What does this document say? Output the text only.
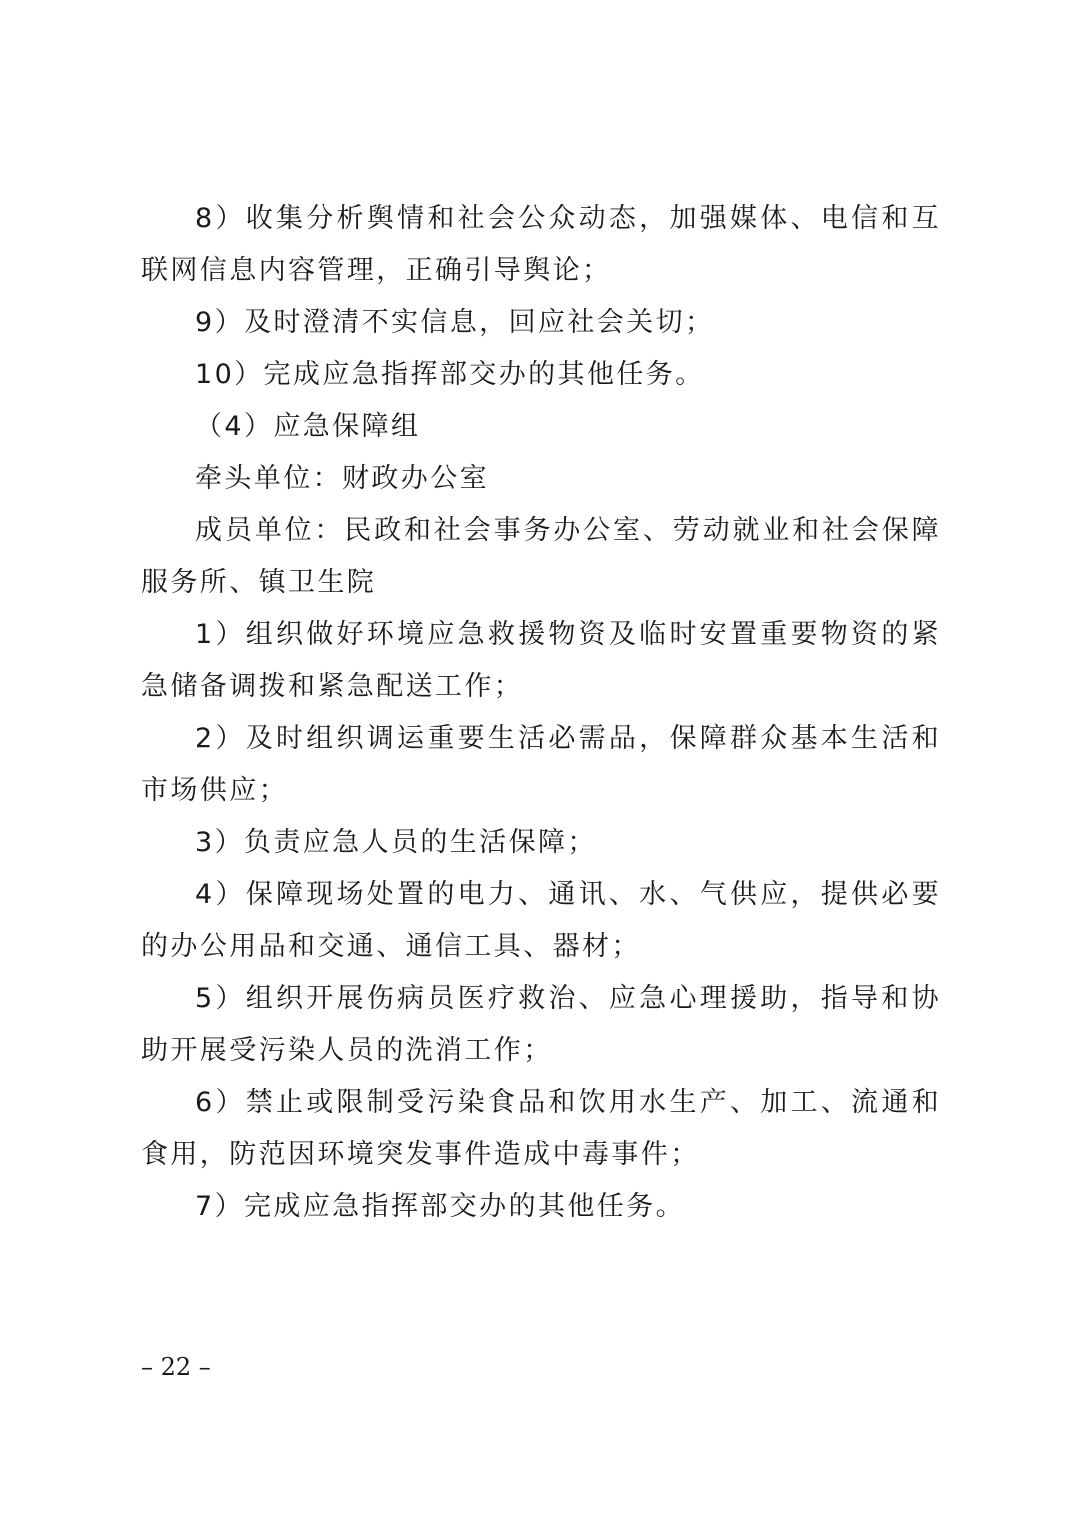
8）收集分析舆情和社会公众动态，加强媒体、电信和互联网信息内容管理，正确引导舆论；

9）及时澄清不实信息，回应社会关切；

10）完成应急指挥部交办的其他任务。

（4）应急保障组

牵头单位：财政办公室

成员单位：民政和社会事务办公室、劳动就业和社会保障服务所、镇卫生院

1）组织做好环境应急救援物资及临时安置重要物资的紧急储备调拨和紧急配送工作；

2）及时组织调运重要生活必需品，保障群众基本生活和市场供应；

3）负责应急人员的生活保障；

4）保障现场处置的电力、通讯、水、气供应，提供必要的办公用品和交通、通信工具、器材；

5）组织开展伤病员医疗救治、应急心理援助，指导和协助开展受污染人员的洗消工作；

6）禁止或限制受污染食品和饮用水生产、加工、流通和食用，防范因环境突发事件造成中毒事件；

7）完成应急指挥部交办的其他任务。

– 22 –
